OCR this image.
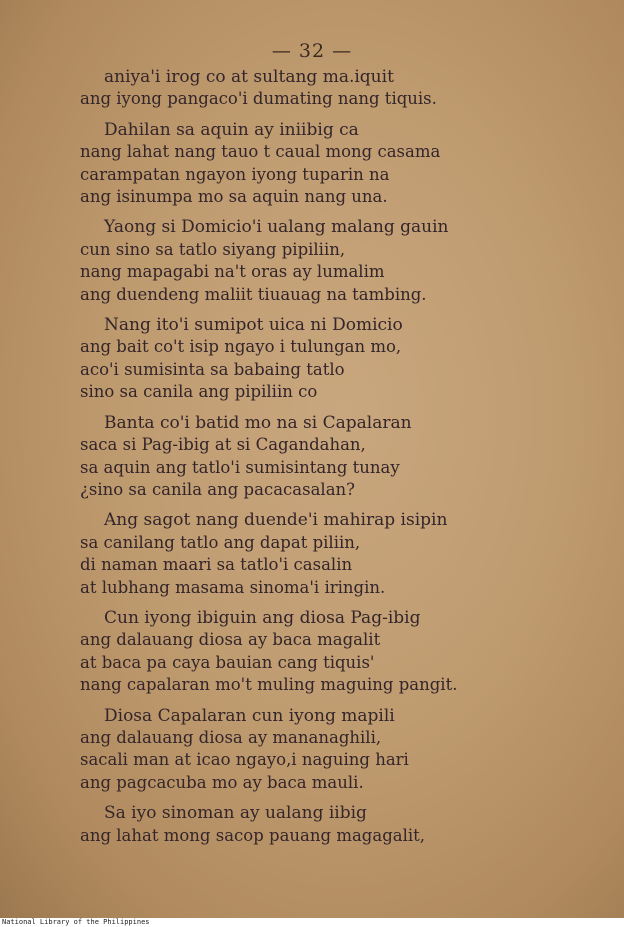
— 32 —
aniya'i irog co at sultang ma.iquit
ang iyong pangaco'i dumating nang tiquis.
Dahilan sa aquin ay iniibig ca
nang lahat nang tauo t caual mong casama
carampatan ngayon iyong tuparin na
ang isinumpa mo sa aquin nang una.
Yaong si Domicio'i ualang malang gauin
cun sino sa tatlo siyang pipiliin,
nang mapagabi na't oras ay lumalim
ang duendeng maliit tiuauag na tambing.
Nang ito'i sumipot uica ni Domicio
ang bait co't isip ngayo i tulungan mo,
aco'i sumisinta sa babaing tatlo
sino sa canila ang pipiliin co
Banta co'i batid mo na si Capalaran
saca si Pag-ibig at si Cagandahan,
sa aquin ang tatlo'i sumisintang tunay
¿sino sa canila ang pacacasalan?
Ang sagot nang duende'i mahirap isipin
sa canilang tatlo ang dapat piliin,
di naman maari sa tatlo'i casalin
at lubhang masama sinoma'i iringin.
Cun iyong ibiguin ang diosa Pag-ibig
ang dalauang diosa ay baca magalit
at baca pa caya bauian cang tiquis'
nang capalaran mo't muling maguing pangit.
Diosa Capalaran cun iyong mapili
ang dalauang diosa ay mananaghili,
sacali man at icao ngayo,i naguing hari
ang pagcacuba mo ay baca mauli.
Sa iyo sinoman ay ualang iibig
ang lahat mong sacop pauang magagalit,
National Library of the Philippines
